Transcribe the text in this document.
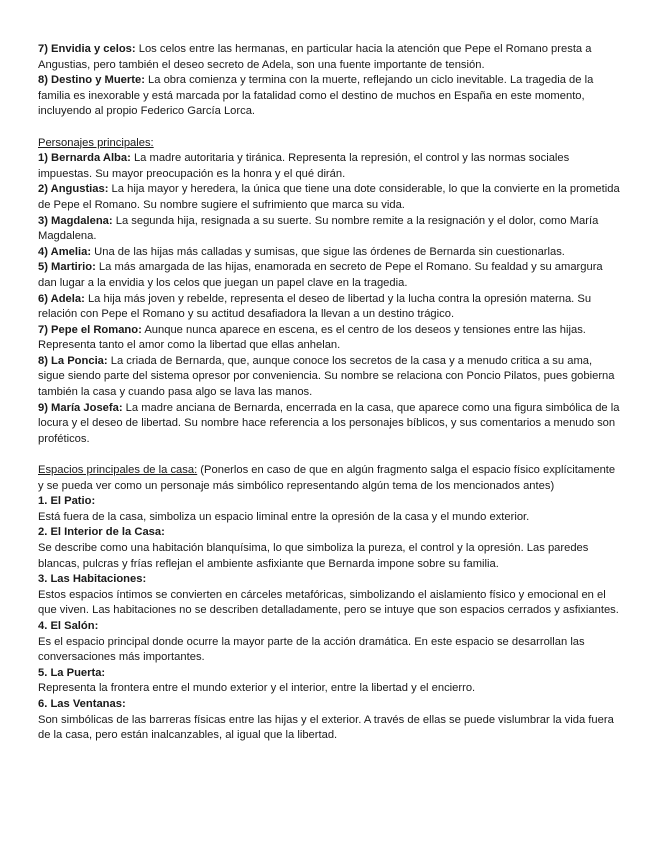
7) Envidia y celos: Los celos entre las hermanas, en particular hacia la atención que Pepe el Romano presta a Angustias, pero también el deseo secreto de Adela, son una fuente importante de tensión.

8) Destino y Muerte: La obra comienza y termina con la muerte, reflejando un ciclo inevitable. La tragedia de la familia es inexorable y está marcada por la fatalidad como el destino de muchos en España en este momento, incluyendo al propio Federico García Lorca.

Personajes principales:

1) Bernarda Alba: La madre autoritaria y tiránica. Representa la represión, el control y las normas sociales impuestas. Su mayor preocupación es la honra y el qué dirán.

2) Angustias: La hija mayor y heredera, la única que tiene una dote considerable, lo que la convierte en la prometida de Pepe el Romano. Su nombre sugiere el sufrimiento que marca su vida.

3) Magdalena: La segunda hija, resignada a su suerte. Su nombre remite a la resignación y el dolor, como María Magdalena.

4) Amelia: Una de las hijas más calladas y sumisas, que sigue las órdenes de Bernarda sin cuestionarlas.

5) Martirio: La más amargada de las hijas, enamorada en secreto de Pepe el Romano. Su fealdad y su amargura dan lugar a la envidia y los celos que juegan un papel clave en la tragedia.

6) Adela: La hija más joven y rebelde, representa el deseo de libertad y la lucha contra la opresión materna. Su relación con Pepe el Romano y su actitud desafiadora la llevan a un destino trágico.

7) Pepe el Romano: Aunque nunca aparece en escena, es el centro de los deseos y tensiones entre las hijas. Representa tanto el amor como la libertad que ellas anhelan.

8) La Poncia: La criada de Bernarda, que, aunque conoce los secretos de la casa y a menudo critica a su ama, sigue siendo parte del sistema opresor por conveniencia. Su nombre se relaciona con Poncio Pilatos, pues gobierna también la casa y cuando pasa algo se lava las manos.

9) María Josefa: La madre anciana de Bernarda, encerrada en la casa, que aparece como una figura simbólica de la locura y el deseo de libertad. Su nombre hace referencia a los personajes bíblicos, y sus comentarios a menudo son proféticos.

Espacios principales de la casa: (Ponerlos en caso de que en algún fragmento salga el espacio físico explícitamente y se pueda ver como un personaje más simbólico representando algún tema de los mencionados antes)

1. El Patio:

Está fuera de la casa, simboliza un espacio liminal entre la opresión de la casa y el mundo exterior.

2. El Interior de la Casa:

Se describe como una habitación blanquísima, lo que simboliza la pureza, el control y la opresión. Las paredes blancas, pulcras y frías reflejan el ambiente asfixiante que Bernarda impone sobre su familia.

3. Las Habitaciones:

Estos espacios íntimos se convierten en cárceles metafóricas, simbolizando el aislamiento físico y emocional en el que viven. Las habitaciones no se describen detalladamente, pero se intuye que son espacios cerrados y asfixiantes.

4. El Salón:

Es el espacio principal donde ocurre la mayor parte de la acción dramática. En este espacio se desarrollan las conversaciones más importantes.

5. La Puerta:

Representa la frontera entre el mundo exterior y el interior, entre la libertad y el encierro.

6. Las Ventanas:

Son simbólicas de las barreras físicas entre las hijas y el exterior. A través de ellas se puede vislumbrar la vida fuera de la casa, pero están inalcanzables, al igual que la libertad.
